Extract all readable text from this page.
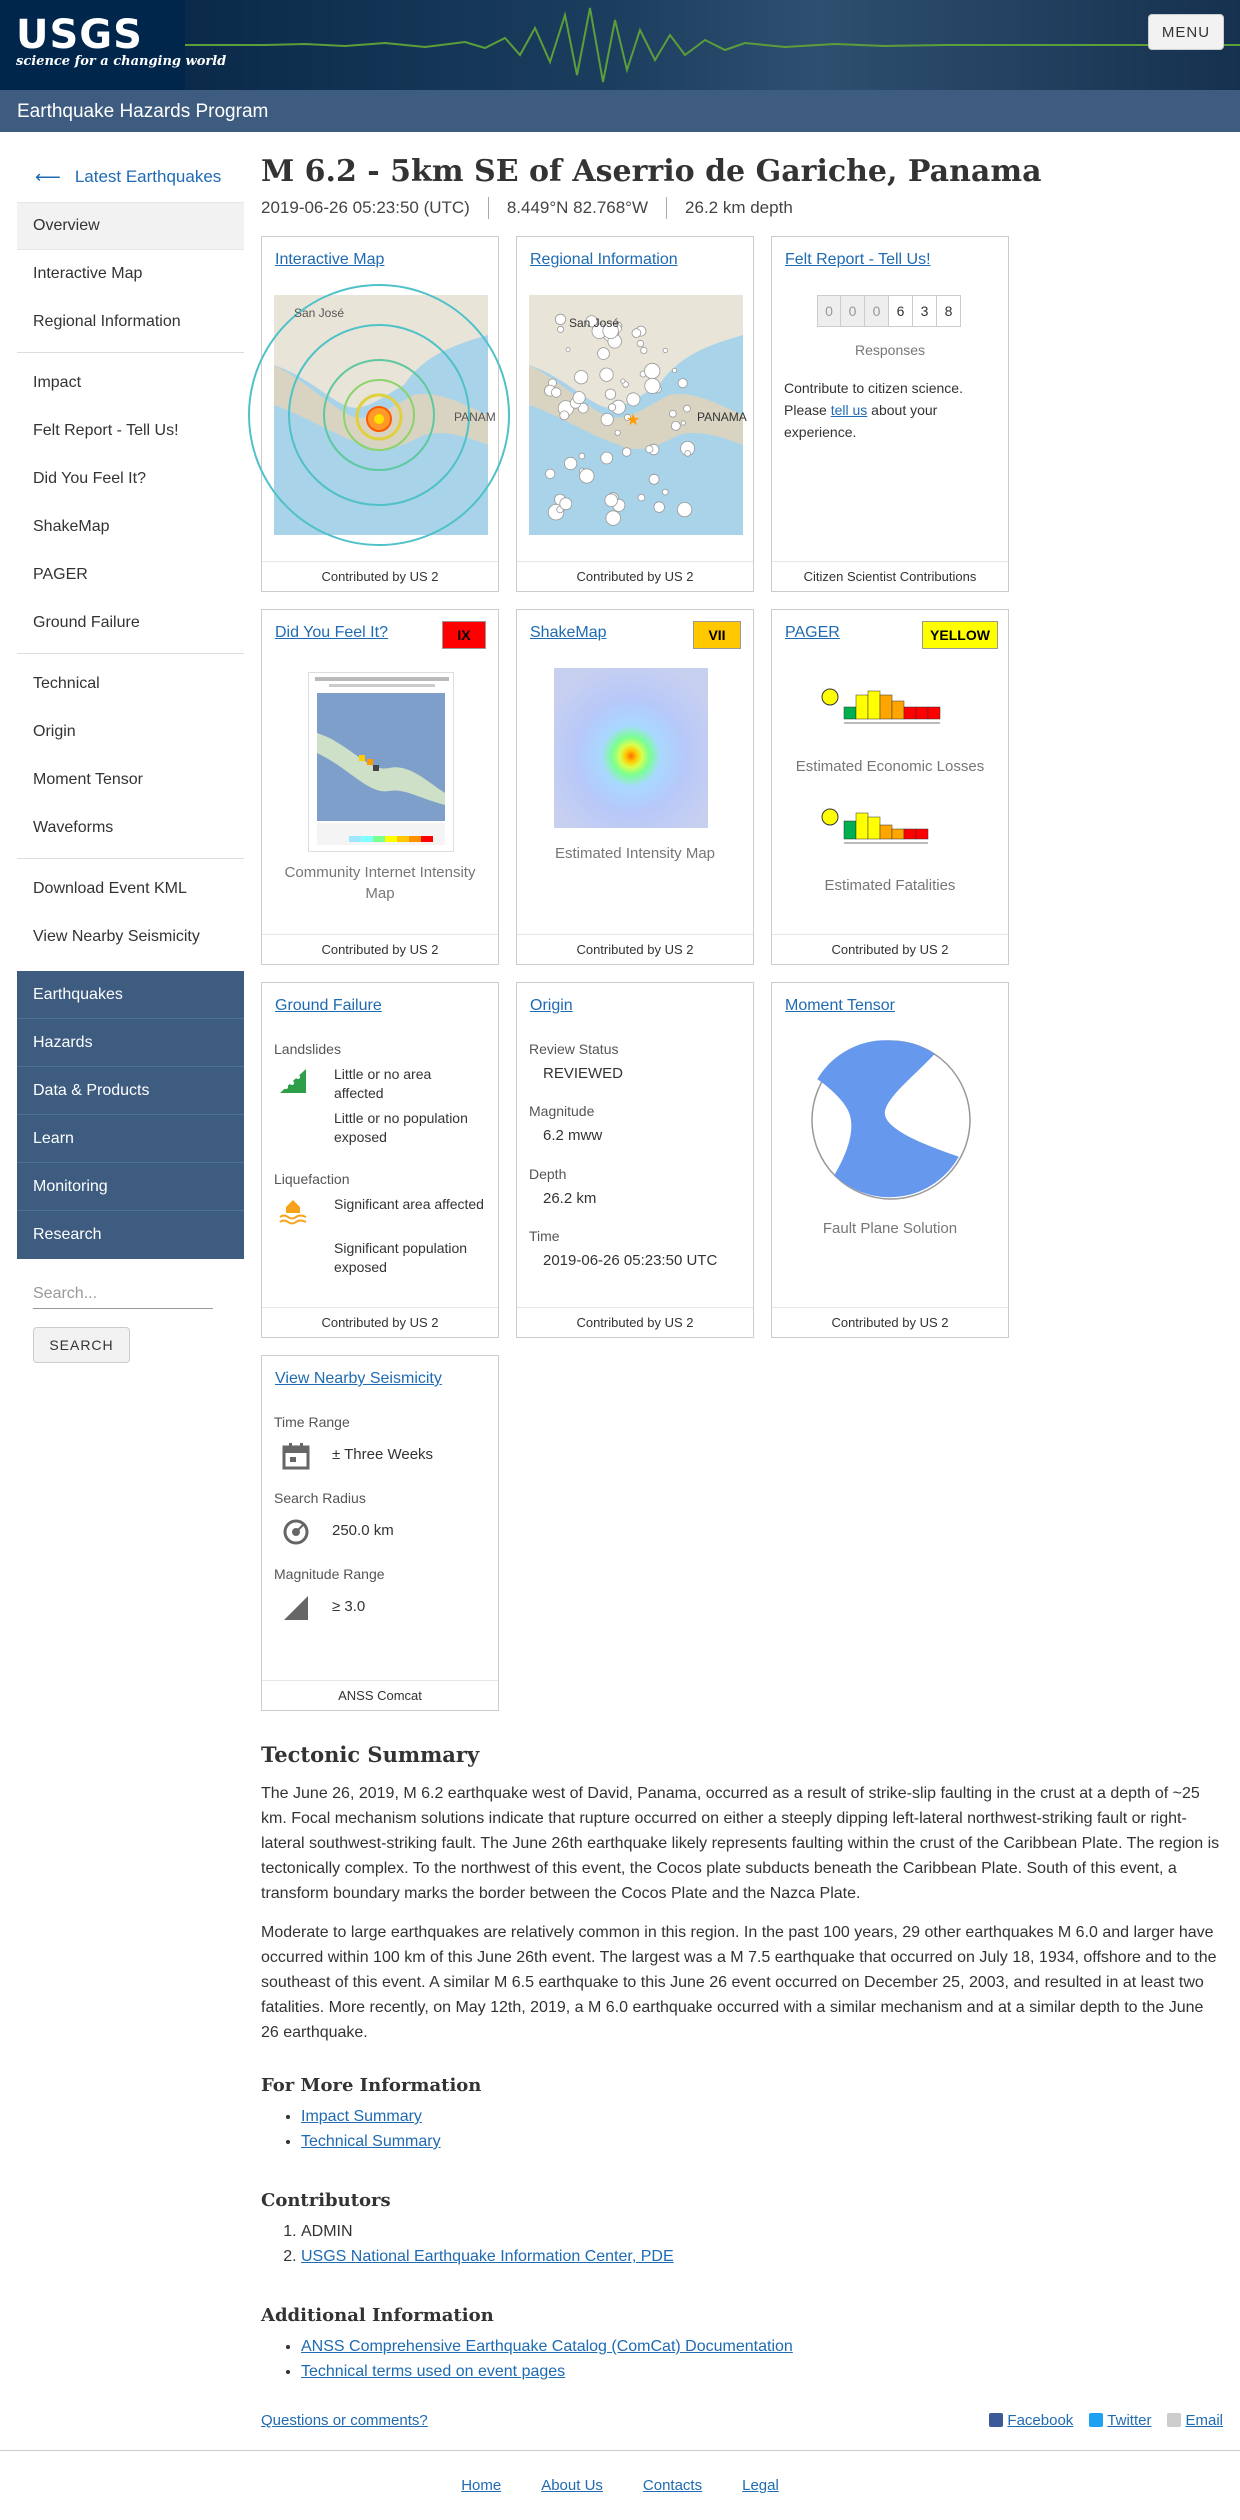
USGS
science for a changing world
MENU
Earthquake Hazards Program
⟵ Latest Earthquakes
Overview
Interactive Map
Regional Information
Impact
Felt Report - Tell Us!
Did You Feel It?
ShakeMap
PAGER
Ground Failure
Technical
Origin
Moment Tensor
Waveforms
Download Event KML
View Nearby Seismicity
Earthquakes
Hazards
Data & Products
Learn
Monitoring
Research
Search...
SEARCH
M 6.2 - 5km SE of Aserrio de Gariche, Panama
2019-06-26 05:23:50 (UTC)	8.449°N 82.768°W	26.2 km depth
Interactive Map
San José
PANAM
Contributed by US 2
Regional Information
San José
PANAMA
★
Contributed by US 2
Felt Report - Tell Us!
0	0	0	6	3	8
Responses
Contribute to citizen science. Please tell us about your experience.
Citizen Scientist Contributions
Did You Feel It?	IX
Community Internet Intensity Map
Contributed by US 2
ShakeMap	VII
Estimated Intensity Map
Contributed by US 2
PAGER	YELLOW
Estimated Economic Losses
Estimated Fatalities
Contributed by US 2
Ground Failure
Landslides
Little or no area affected
Little or no population exposed
Liquefaction
Significant area affected
Significant population exposed
Contributed by US 2
Origin
Review Status
REVIEWED
Magnitude
6.2 mww
Depth
26.2 km
Time
2019-06-26 05:23:50 UTC
Contributed by US 2
Moment Tensor
Fault Plane Solution
Contributed by US 2
View Nearby Seismicity
Time Range
± Three Weeks
Search Radius
250.0 km
Magnitude Range
≥ 3.0
ANSS Comcat
Tectonic Summary

The June 26, 2019, M 6.2 earthquake west of David, Panama, occurred as a result of strike-slip faulting in the crust at a depth of ~25 km. Focal mechanism solutions indicate that rupture occurred on either a steeply dipping left-lateral northwest-striking fault or right-lateral southwest-striking fault. The June 26th earthquake likely represents faulting within the crust of the Caribbean Plate. The region is tectonically complex. To the northwest of this event, the Cocos plate subducts beneath the Caribbean Plate. South of this event, a transform boundary marks the border between the Cocos Plate and the Nazca Plate.

Moderate to large earthquakes are relatively common in this region. In the past 100 years, 29 other earthquakes M 6.0 and larger have occurred within 100 km of this June 26th event. The largest was a M 7.5 earthquake that occurred on July 18, 1934, offshore and to the southeast of this event. A similar M 6.5 earthquake to this June 26 event occurred on December 25, 2003, and resulted in at least two fatalities. More recently, on May 12th, 2019, a M 6.0 earthquake occurred with a similar mechanism and at a similar depth to the June 26 earthquake.

For More Information
• Impact Summary
• Technical Summary
Contributors
1. ADMIN
2. USGS National Earthquake Information Center, PDE
Additional Information
• ANSS Comprehensive Earthquake Catalog (ComCat) Documentation
• Technical terms used on event pages
Questions or comments?	Facebook	Twitter	Email
Home	About Us	Contacts	Legal
